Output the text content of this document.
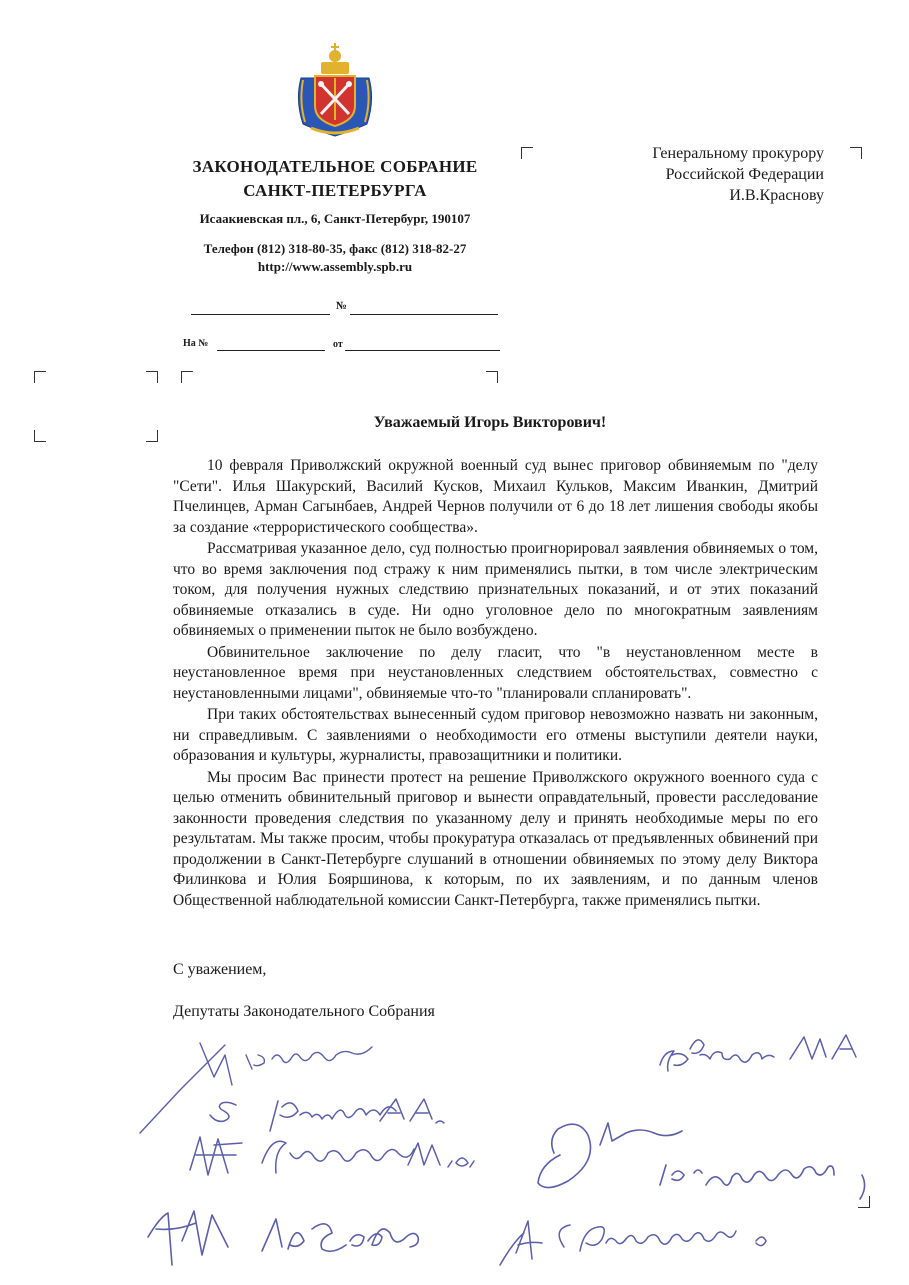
ЗАКОНОДАТЕЛЬНОЕ СОБРАНИЕ
САНКТ-ПЕТЕРБУРГА
Исаакиевская пл., 6, Санкт-Петербург, 190107
Телефон (812) 318-80-35, факс (812) 318-82-27
http://www.assembly.spb.ru
№
На №	от
Генеральному прокурору
Российской Федерации
И.В.Краснову
Уважаемый Игорь Викторович!

10 февраля Приволжский окружной военный суд вынес приговор обвиняемым по "делу "Сети". Илья Шакурский, Василий Кусков, Михаил Кульков, Максим Иванкин, Дмитрий Пчелинцев, Арман Сагынбаев, Андрей Чернов получили от 6 до 18 лет лишения свободы якобы за создание «террористического сообщества».

Рассматривая указанное дело, суд полностью проигнорировал заявления обвиняемых о том, что во время заключения под стражу к ним применялись пытки, в том числе электрическим током, для получения нужных следствию признательных показаний, и от этих показаний обвиняемые отказались в суде. Ни одно уголовное дело по многократным заявлениям обвиняемых о применении пыток не было возбуждено.

Обвинительное заключение по делу гласит, что "в неустановленном месте в неустановленное время при неустановленных следствием обстоятельствах, совместно с неустановленными лицами", обвиняемые что-то "планировали спланировать".

При таких обстоятельствах вынесенный судом приговор невозможно назвать ни законным, ни справедливым. С заявлениями о необходимости его отмены выступили деятели науки, образования и культуры, журналисты, правозащитники и политики.

Мы просим Вас принести протест на решение Приволжского окружного военного суда с целью отменить обвинительный приговор и вынести оправдательный, провести расследование законности проведения следствия по указанному делу и принять необходимые меры по его результатам. Мы также просим, чтобы прокуратура отказалась от предъявленных обвинений при продолжении в Санкт-Петербурге слушаний в отношении обвиняемых по этому делу Виктора Филинкова и Юлия Бояршинова, к которым, по их заявлениям, и по данным членов Общественной наблюдательной комиссии Санкт-Петербурга, также применялись пытки.

С уважением,
Депутаты Законодательного Собрания
